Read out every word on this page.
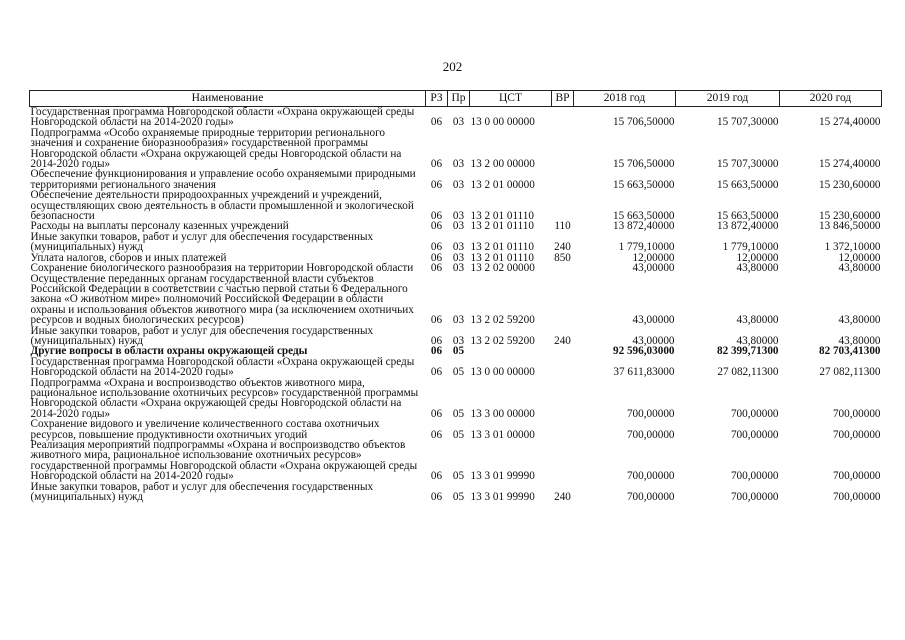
202
Наименование	РЗ	Пр	ЦСТ	ВР	2018 год	2019 год	2020 год
Государственная программа Новгородской области «Охрана окружающей среды Новгородской области на 2014-2020 годы»	06	03	13 0 00 00000		15 706,50000	15 707,30000	15 274,40000
Подпрограмма «Особо охраняемые природные территории регионального значения и сохранение биоразнообразия» государственной программы Новгородской области «Охрана окружающей среды Новгородской области на 2014-2020 годы»	06	03	13 2 00 00000		15 706,50000	15 707,30000	15 274,40000
Обеспечение функционирования и управление особо охраняемыми природными территориями регионального значения	06	03	13 2 01 00000		15 663,50000	15 663,50000	15 230,60000
Обеспечение деятельности природоохранных учреждений и учреждений, осуществляющих свою деятельность в области промышленной и экологической безопасности	06	03	13 2 01 01110		15 663,50000	15 663,50000	15 230,60000
Расходы на выплаты персоналу казенных учреждений	06	03	13 2 01 01110	110	13 872,40000	13 872,40000	13 846,50000
Иные закупки товаров, работ и услуг для обеспечения государственных (муниципальных) нужд	06	03	13 2 01 01110	240	1 779,10000	1 779,10000	1 372,10000
Уплата налогов, сборов и иных платежей	06	03	13 2 01 01110	850	12,00000	12,00000	12,00000
Сохранение биологического разнообразия на территории Новгородской области	06	03	13 2 02 00000		43,00000	43,80000	43,80000
Осуществление переданных органам государственной власти субъектов Российской Федерации в соответствии с частью первой статьи 6 Федерального закона «О животном мире» полномочий Российской Федерации в области охраны и использования объектов животного мира (за исключением охотничьих ресурсов и водных биологических ресурсов)	06	03	13 2 02 59200		43,00000	43,80000	43,80000
Иные закупки товаров, работ и услуг для обеспечения государственных (муниципальных) нужд	06	03	13 2 02 59200	240	43,00000	43,80000	43,80000
Другие вопросы в области охраны окружающей среды	06	05			92 596,03000	82 399,71300	82 703,41300
Государственная программа Новгородской области «Охрана окружающей среды Новгородской области на 2014-2020 годы»	06	05	13 0 00 00000		37 611,83000	27 082,11300	27 082,11300
Подпрограмма «Охрана и воспроизводство объектов животного мира, рациональное использование охотничьих ресурсов» государственной программы Новгородской области «Охрана окружающей среды Новгородской области на 2014-2020 годы»	06	05	13 3 00 00000		700,00000	700,00000	700,00000
Сохранение видового и увеличение количественного состава охотничьих ресурсов, повышение продуктивности охотничьих угодий	06	05	13 3 01 00000		700,00000	700,00000	700,00000
Реализация мероприятий подпрограммы «Охрана и воспроизводство объектов животного мира, рациональное использование охотничьих ресурсов» государственной программы Новгородской области «Охрана окружающей среды Новгородской области на 2014-2020 годы»	06	05	13 3 01 99990		700,00000	700,00000	700,00000
Иные закупки товаров, работ и услуг для обеспечения государственных (муниципальных) нужд	06	05	13 3 01 99990	240	700,00000	700,00000	700,00000
